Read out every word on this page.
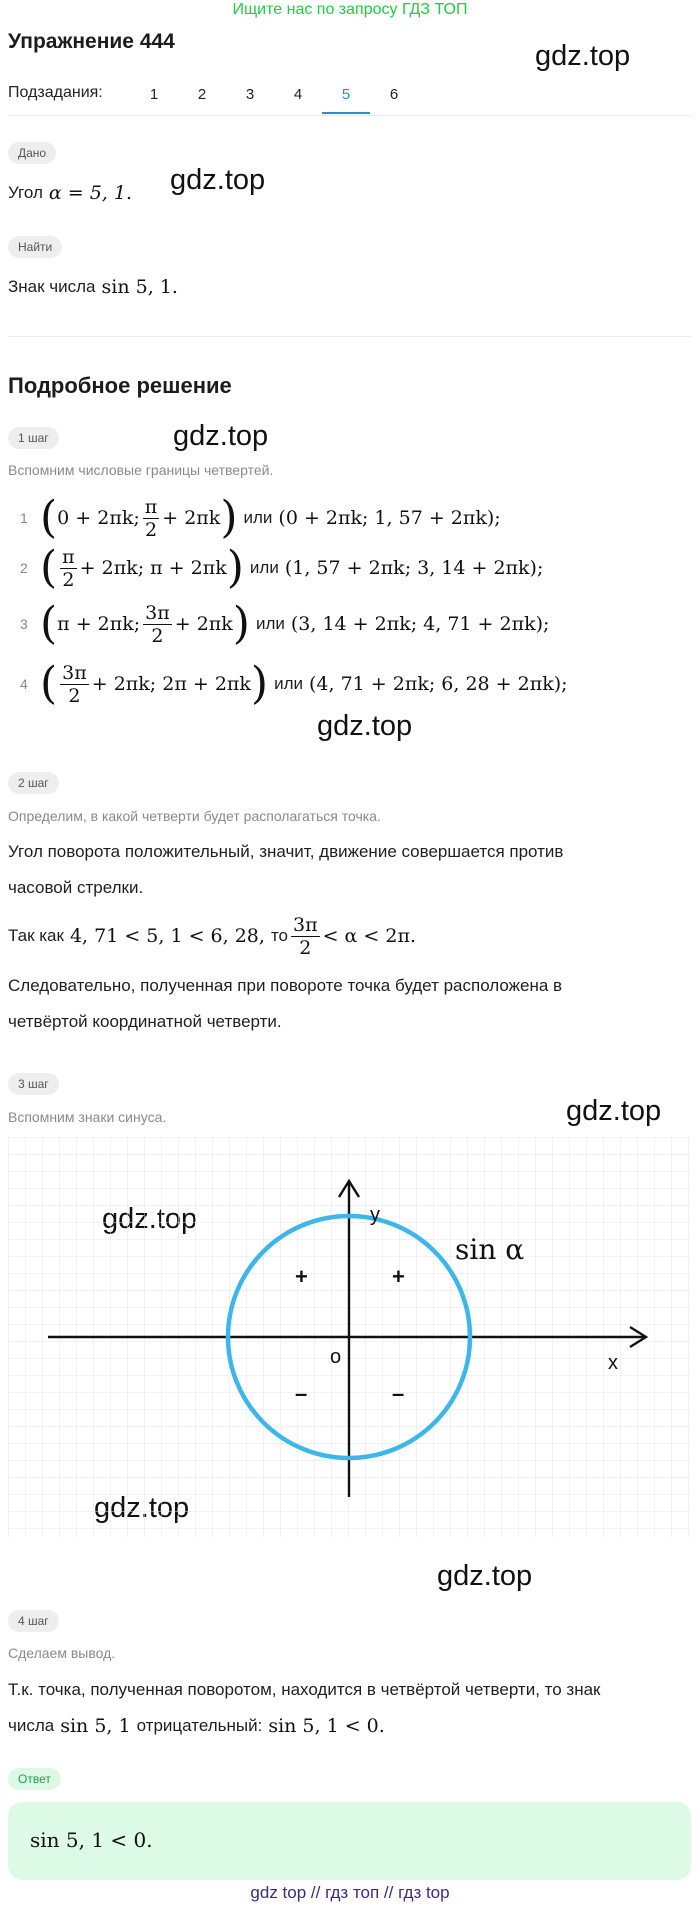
Ищите нас по запросу ГДЗ ТОП
Упражнение 444	gdz.top
gdz.top
gdz.top
gdz.top
gdz.top
gdz.top
Подзадания:	1	2	3	4	5	6
Дано
Угол α = 5, 1.
Найти
Знак числа sin 5, 1.
Подробное решение
1 шаг
Вспомним числовые границы четвертей.
1 ( 0 + 2πk; $\frac{\pi}{2} + 2\pi k$ ) или (0 + 2πk; 1, 57 + 2πk);
2 ( $\frac{\pi}{2} + 2\pi k$; π + 2πk ) или (1, 57 + 2πk; 3, 14 + 2πk);
3 ( π + 2πk; $\frac{3\pi}{2} + 2\pi k$ ) или (3, 14 + 2πk; 4, 71 + 2πk);
4 ( $\frac{3\pi}{2} + 2\pi k$; 2π + 2πk ) или (4, 71 + 2πk; 6, 28 + 2πk);
2 шаг
Определим, в какой четверти будет располагаться точка.
Угол поворота положительный, значит, движение совершается против
часовой стрелки.
Так как 4, 71 < 5, 1 < 6, 28, то $\frac{3\pi}{2} < \alpha < 2\pi$.
Следовательно, полученная при повороте точка будет расположена в
четвёртой координатной четверти.
3 шаг
Вспомним знаки синуса.
y
x
o
sin α
+	+
–	–
4 шаг
Сделаем вывод.
Т.к. точка, полученная поворотом, находится в четвёртой четверти, то знак
числа sin 5, 1 отрицательный: sin 5, 1 < 0.
Ответ
sin 5, 1 < 0.
gdz top // гдз топ // гдз top
